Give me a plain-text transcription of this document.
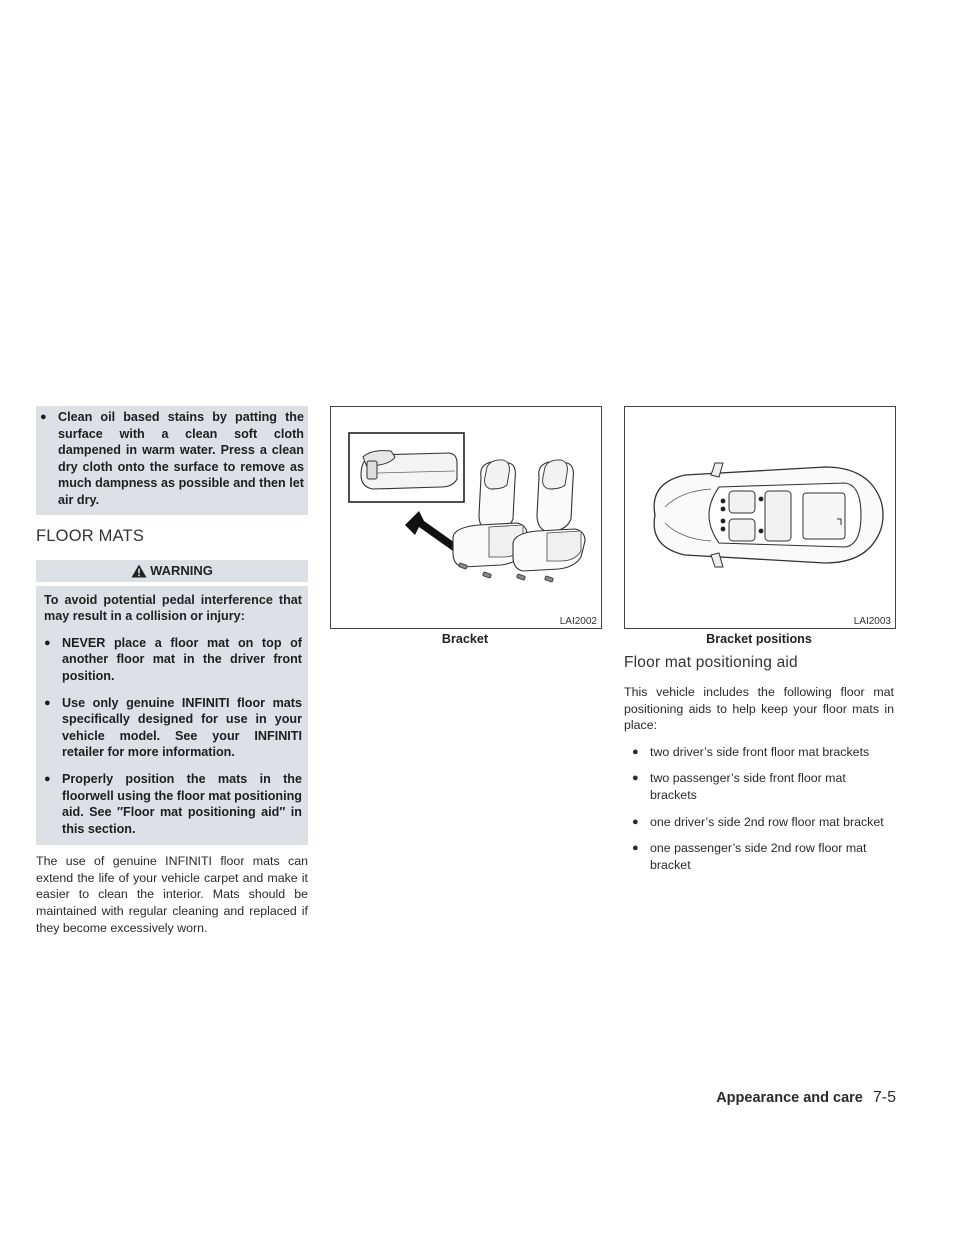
● Clean oil based stains by patting the surface with a clean soft cloth dampened in warm water. Press a clean dry cloth onto the surface to remove as much dampness as possible and then let air dry.
FLOOR MATS
WARNING

To avoid potential pedal interference that may result in a collision or injury:

● NEVER place a floor mat on top of another floor mat in the driver front position.
● Use only genuine INFINITI floor mats specifically designed for use in your vehicle model. See your INFINITI retailer for more information.
● Properly position the mats in the floorwell using the floor mat positioning aid. See ″Floor mat positioning aid″ in this section.
The use of genuine INFINITI floor mats can extend the life of your vehicle carpet and make it easier to clean the interior. Mats should be maintained with regular cleaning and replaced if they become excessively worn.
LAI2002
Bracket
LAI2003
Bracket positions
Floor mat positioning aid
This vehicle includes the following floor mat positioning aids to help keep your floor mats in place:
● two driver’s side front floor mat brackets
● two passenger’s side front floor mat brackets
● one driver’s side 2nd row floor mat bracket
● one passenger’s side 2nd row floor mat bracket
Appearance and care 7-5
